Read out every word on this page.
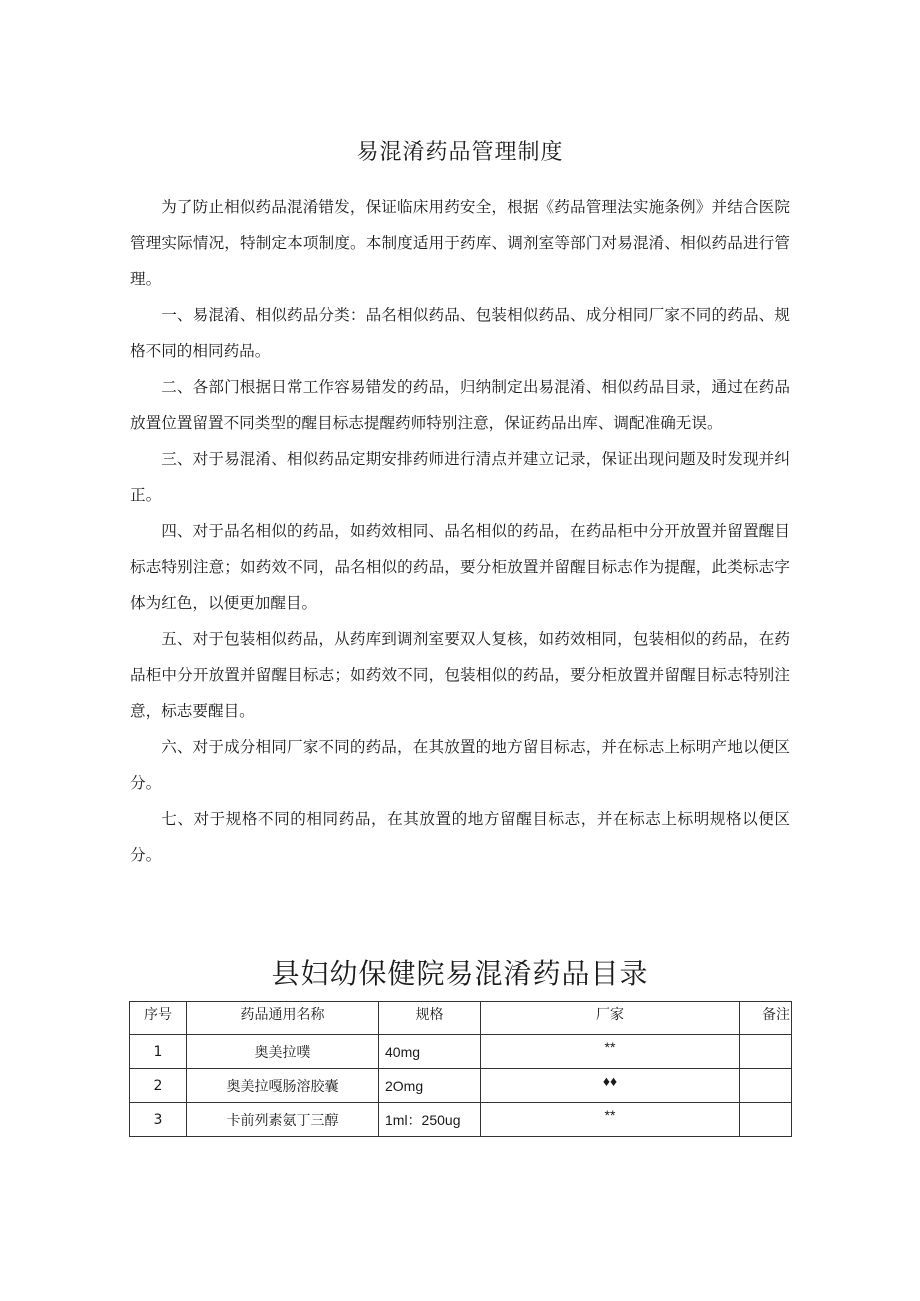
易混淆药品管理制度

为了防止相似药品混淆错发，保证临床用药安全，根据《药品管理法实施条例》并结合医院管理实际情况，特制定本项制度。本制度适用于药库、调剂室等部门对易混淆、相似药品进行管理。

一、易混淆、相似药品分类：品名相似药品、包装相似药品、成分相同厂家不同的药品、规格不同的相同药品。

二、各部门根据日常工作容易错发的药品，归纳制定出易混淆、相似药品目录，通过在药品放置位置留置不同类型的醒目标志提醒药师特别注意，保证药品出库、调配准确无误。

三、对于易混淆、相似药品定期安排药师进行清点并建立记录，保证出现问题及时发现并纠正。

四、对于品名相似的药品，如药效相同、品名相似的药品，在药品柜中分开放置并留置醒目标志特别注意；如药效不同，品名相似的药品，要分柜放置并留醒目标志作为提醒，此类标志字体为红色，以便更加醒目。

五、对于包装相似药品，从药库到调剂室要双人复核，如药效相同，包装相似的药品，在药品柜中分开放置并留醒目标志；如药效不同，包装相似的药品，要分柜放置并留醒目标志特别注意，标志要醒目。

六、对于成分相同厂家不同的药品，在其放置的地方留目标志，并在标志上标明产地以便区分。

七、对于规格不同的相同药品，在其放置的地方留醒目标志，并在标志上标明规格以便区分。

县妇幼保健院易混淆药品目录
序号	药品通用名称	规格	厂家	备注
1	奥美拉噗	40mg	**	
2	奥美拉嘎肠溶胶囊	2Omg	♦♦	
3	卡前列素氨丁三醇	1ml：250ug	**	
